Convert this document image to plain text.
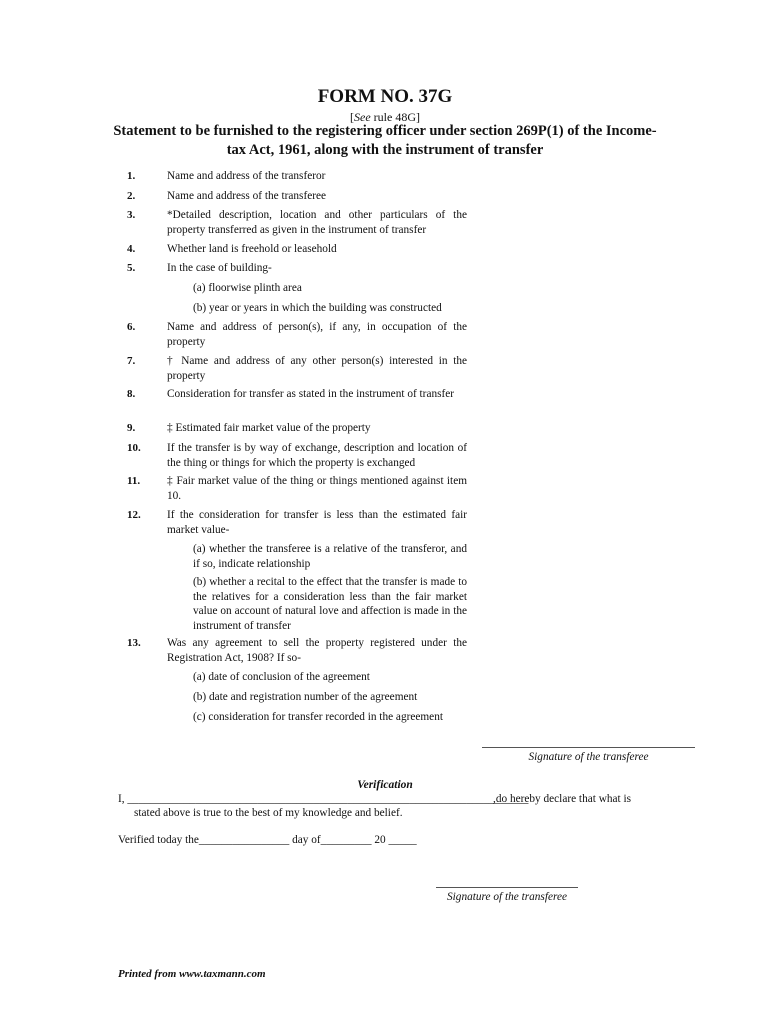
FORM NO. 37G
[See rule 48G]
Statement to be furnished to the registering officer under section 269P(1) of the Income-tax Act, 1961, along with the instrument of transfer
1.	Name and address of the transferor
2.	Name and address of the transferee
3.	*Detailed description, location and other particulars of the property transferred as given in the instrument of transfer
4.	Whether land is freehold or leasehold
5.	In the case of building-
(a) floorwise plinth area
(b) year or years in which the building was constructed
6.	Name and address of person(s), if any, in occupation of the property
7.	† Name and address of any other person(s) interested in the property
8.	Consideration for transfer as stated in the instrument of transfer
9.	‡ Estimated fair market value of the property
10.	If the transfer is by way of exchange, description and location of the thing or things for which the property is exchanged
11.	‡ Fair market value of the thing or things mentioned against item 10.
12.	If the consideration for transfer is less than the estimated fair market value-
(a) whether the transferee is a relative of the transferor, and if so, indicate relationship
(b) whether a recital to the effect that the transfer is made to the relatives for a consideration less than the fair market value on account of natural love and affection is made in the instrument of transfer
13.	Was any agreement to sell the property registered under the Registration Act, 1908? If so-
(a) date of conclusion of the agreement
(b) date and registration number of the agreement
(c) consideration for transfer recorded in the agreement
Signature of the transferee
Verification
I, _______________________________________________________________________
,do hereby declare that what is
stated above is true to the best of my knowledge and belief.
Verified today the________________ day of_________ 20 _____
Signature of the transferee
Printed from www.taxmann.com
